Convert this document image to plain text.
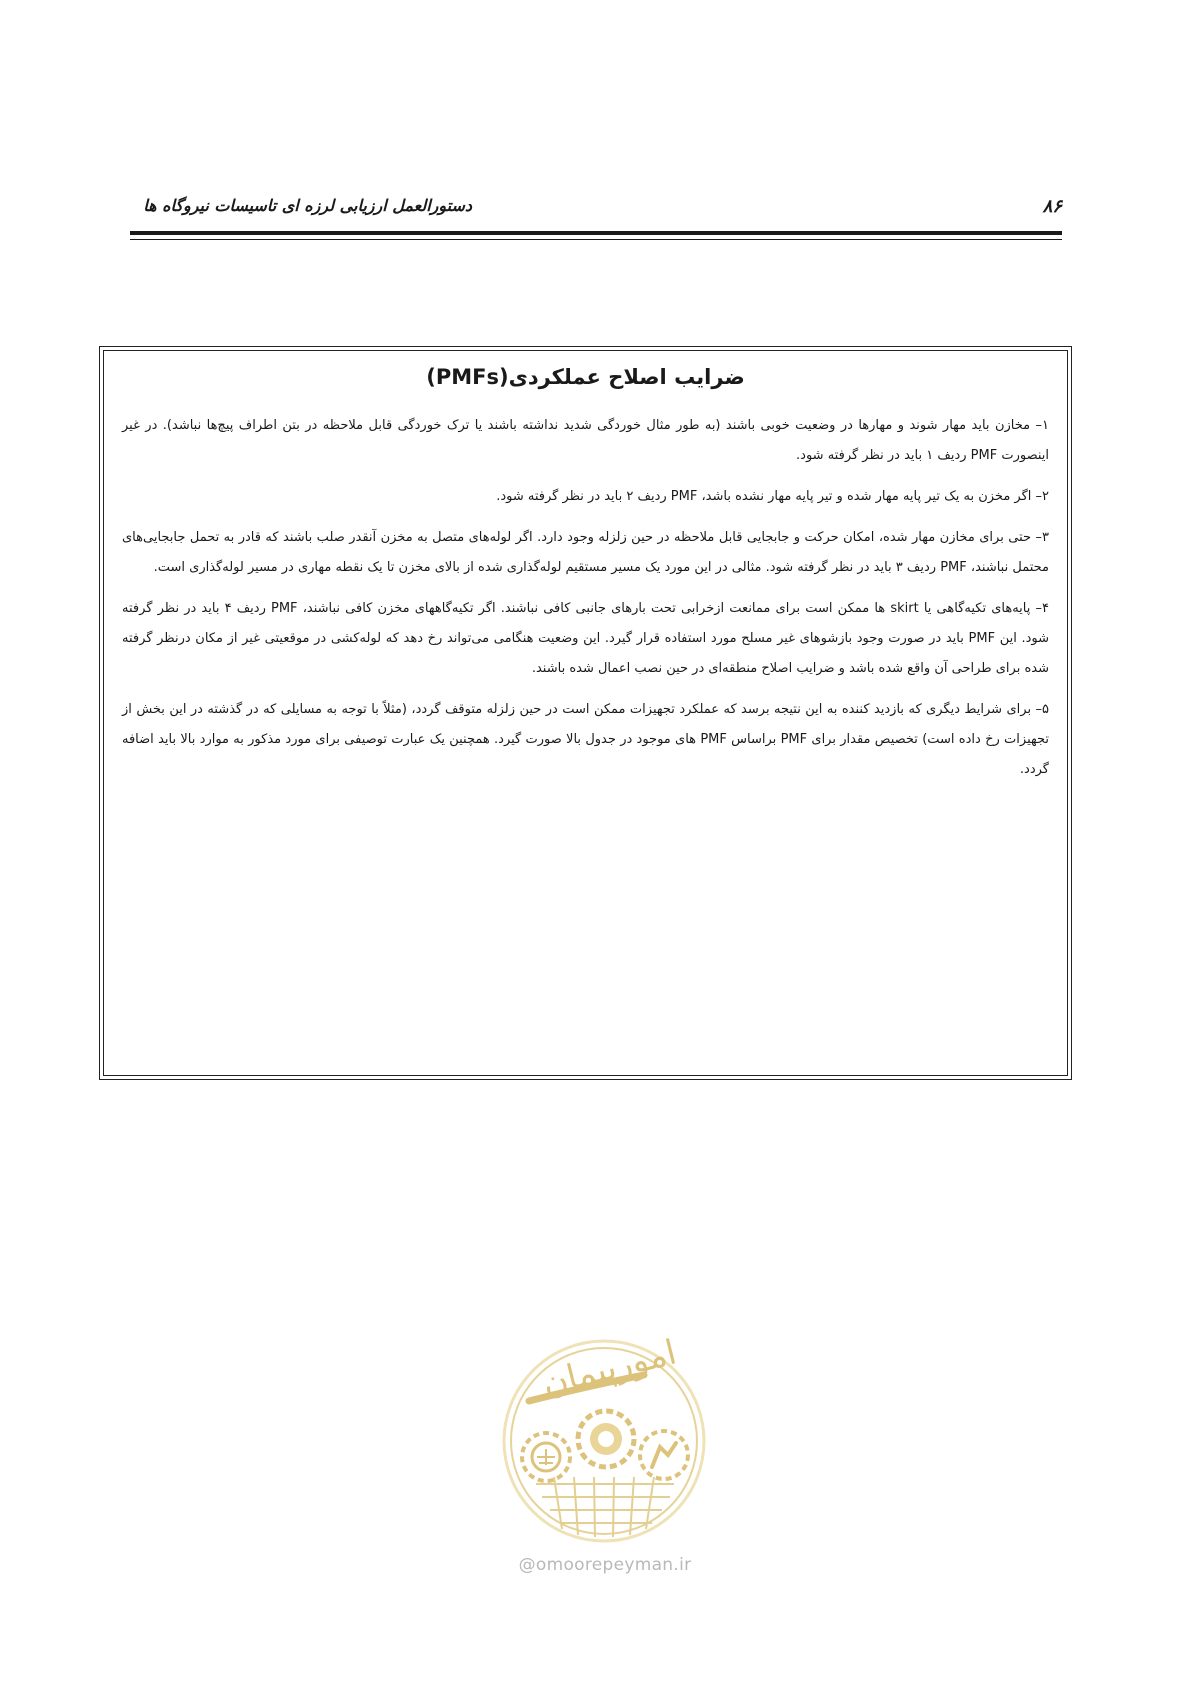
۸۶
دستورالعمل ارزیابی لرزه ای تاسیسات نیروگاه ها
ضرایب اصلاح عملکردی(PMFs)

۱– مخازن باید مهار شوند و مهارها در وضعیت خوبی باشند (به طور مثال خوردگی شدید نداشته باشند یا ترک خوردگی قابل ملاحظه در بتن اطراف پیچ‌ها نباشد). در غیر اینصورت PMF ردیف ۱ باید در نظر گرفته شود.

۲– اگر مخزن به یک تیر پایه مهار شده و تیر پایه مهار نشده باشد، PMF ردیف ۲ باید در نظر گرفته شود.

۳– حتی برای مخازن مهار شده، امکان حرکت و جابجایی قابل ملاحظه در حین زلزله وجود دارد. اگر لوله‌های متصل به مخزن آنقدر صلب باشند که قادر به تحمل جابجایی‌های محتمل نباشند، PMF ردیف ۳ باید در نظر گرفته شود. مثالی در این مورد یک مسیر مستقیم لوله‌گذاری شده از بالای مخزن تا یک نقطه مهاری در مسیر لوله‌گذاری است.

۴– پایه‌های تکیه‌گاهی یا skirt ها ممکن است برای ممانعت ازخرابی تحت بارهای جانبی کافی نباشند. اگر تکیه‌گاههای مخزن کافی نباشند، PMF ردیف ۴ باید در نظر گرفته شود. این PMF باید در صورت وجود بازشوهای غیر مسلح مورد استفاده قرار گیرد. این وضعیت هنگامی می‌تواند رخ دهد که لوله‌کشی در موقعیتی غیر از مکان درنظر گرفته شده برای طراحی آن واقع شده باشد و ضرایب اصلاح منطقه‌ای در حین نصب اعمال شده باشند.

۵– برای شرایط دیگری که بازدید کننده به این نتیجه برسد که عملکرد تجهیزات ممکن است در حین زلزله متوقف گردد، (مثلاً با توجه به مسایلی که در گذشته در این بخش از تجهیزات رخ داده است) تخصیص مقدار برای PMF براساس PMF های موجود در جدول بالا صورت گیرد. همچنین یک عبارت توصیفی برای مورد مذکور به موارد بالا باید اضافه گردد.

امورپیمان
@omoorepeyman.ir
